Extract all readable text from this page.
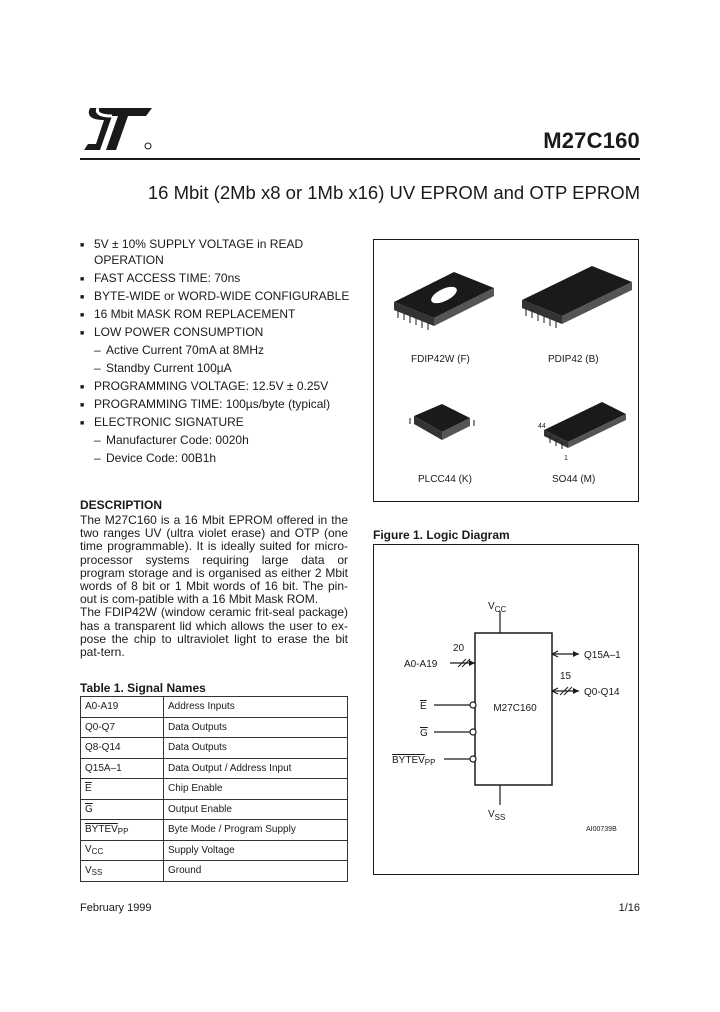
M27C160
16 Mbit (2Mb x8 or 1Mb x16) UV EPROM and OTP EPROM
■ 5V ± 10% SUPPLY VOLTAGE in READ OPERATION
■ FAST ACCESS TIME: 70ns
■ BYTE-WIDE or WORD-WIDE CONFIGURABLE
■ 16 Mbit MASK ROM REPLACEMENT
■ LOW POWER CONSUMPTION
– Active Current 70mA at 8MHz
– Standby Current 100µA
■ PROGRAMMING VOLTAGE: 12.5V ± 0.25V
■ PROGRAMMING TIME: 100µs/byte (typical)
■ ELECTRONIC SIGNATURE
– Manufacturer Code: 0020h
– Device Code: 00B1h
DESCRIPTION

The M27C160 is a 16 Mbit EPROM offered in the two ranges UV (ultra violet erase) and OTP (one time programmable). It is ideally suited for micro-processor systems requiring large data or program storage and is organised as either 2 Mbit words of 8 bit or 1 Mbit words of 16 bit. The pin-out is com-patible with a 16 Mbit Mask ROM.

The FDIP42W (window ceramic frit-seal package) has a transparent lid which allows the user to ex-pose the chip to ultraviolet light to erase the bit pat-tern.

Table 1. Signal Names
A0-A19	Address Inputs
Q0-Q7	Data Outputs
Q8-Q14	Data Outputs
Q15A–1	Data Output / Address Input
$\overline{E}$	Chip Enable
$\overline{G}$	Output Enable
$BYTEV_{PP}$	Byte Mode / Program Supply
$V_{CC}$	Supply Voltage
$V_{SS}$	Ground
FDIP42W (F)	PDIP42 (B)
PLCC44 (K)
44
1
SO44 (M)
Figure 1. Logic Diagram
M27C160
$V_{CC}$
$V_{SS}$
20
A0-A19
E
G
$BYTEV_{PP}$
Q15A–1
15
Q0-Q14
AI00739B
February 1999	1/16
